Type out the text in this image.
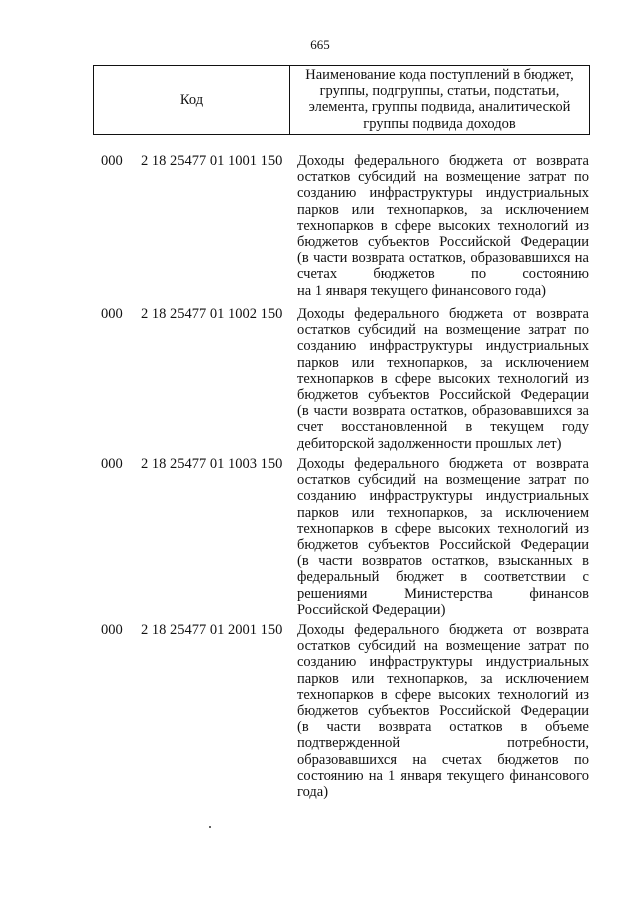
665
Код
Наименование кода поступлений в бюджет,
группы, подгруппы, статьи, подстатьи,
элемента, группы подвида, аналитической
группы подвида доходов
000 2 18 25477 01 1001 150 Доходы федерального бюджета от возврата
остатков субсидий на возмещение затрат по
созданию инфраструктуры индустриальных
парков или технопарков, за исключением
технопарков в сфере высоких технологий из
бюджетов субъектов Российской Федерации
(в части возврата остатков, образовавшихся на
счетах бюджетов по состоянию
на 1 января текущего финансового года)
000 2 18 25477 01 1002 150 Доходы федерального бюджета от возврата
остатков субсидий на возмещение затрат по
созданию инфраструктуры индустриальных
парков или технопарков, за исключением
технопарков в сфере высоких технологий из
бюджетов субъектов Российской Федерации
(в части возврата остатков, образовавшихся за
счет восстановленной в текущем году
дебиторской задолженности прошлых лет)
000 2 18 25477 01 1003 150 Доходы федерального бюджета от возврата
остатков субсидий на возмещение затрат по
созданию инфраструктуры индустриальных
парков или технопарков, за исключением
технопарков в сфере высоких технологий из
бюджетов субъектов Российской Федерации
(в части возвратов остатков, взысканных в
федеральный бюджет в соответствии с
решениями Министерства финансов
Российской Федерации)
000 2 18 25477 01 2001 150 Доходы федерального бюджета от возврата
остатков субсидий на возмещение затрат по
созданию инфраструктуры индустриальных
парков или технопарков, за исключением
технопарков в сфере высоких технологий из
бюджетов субъектов Российской Федерации
(в части возврата остатков в объеме
подтвержденной потребности,
образовавшихся на счетах бюджетов по
состоянию на 1 января текущего финансового
года)
